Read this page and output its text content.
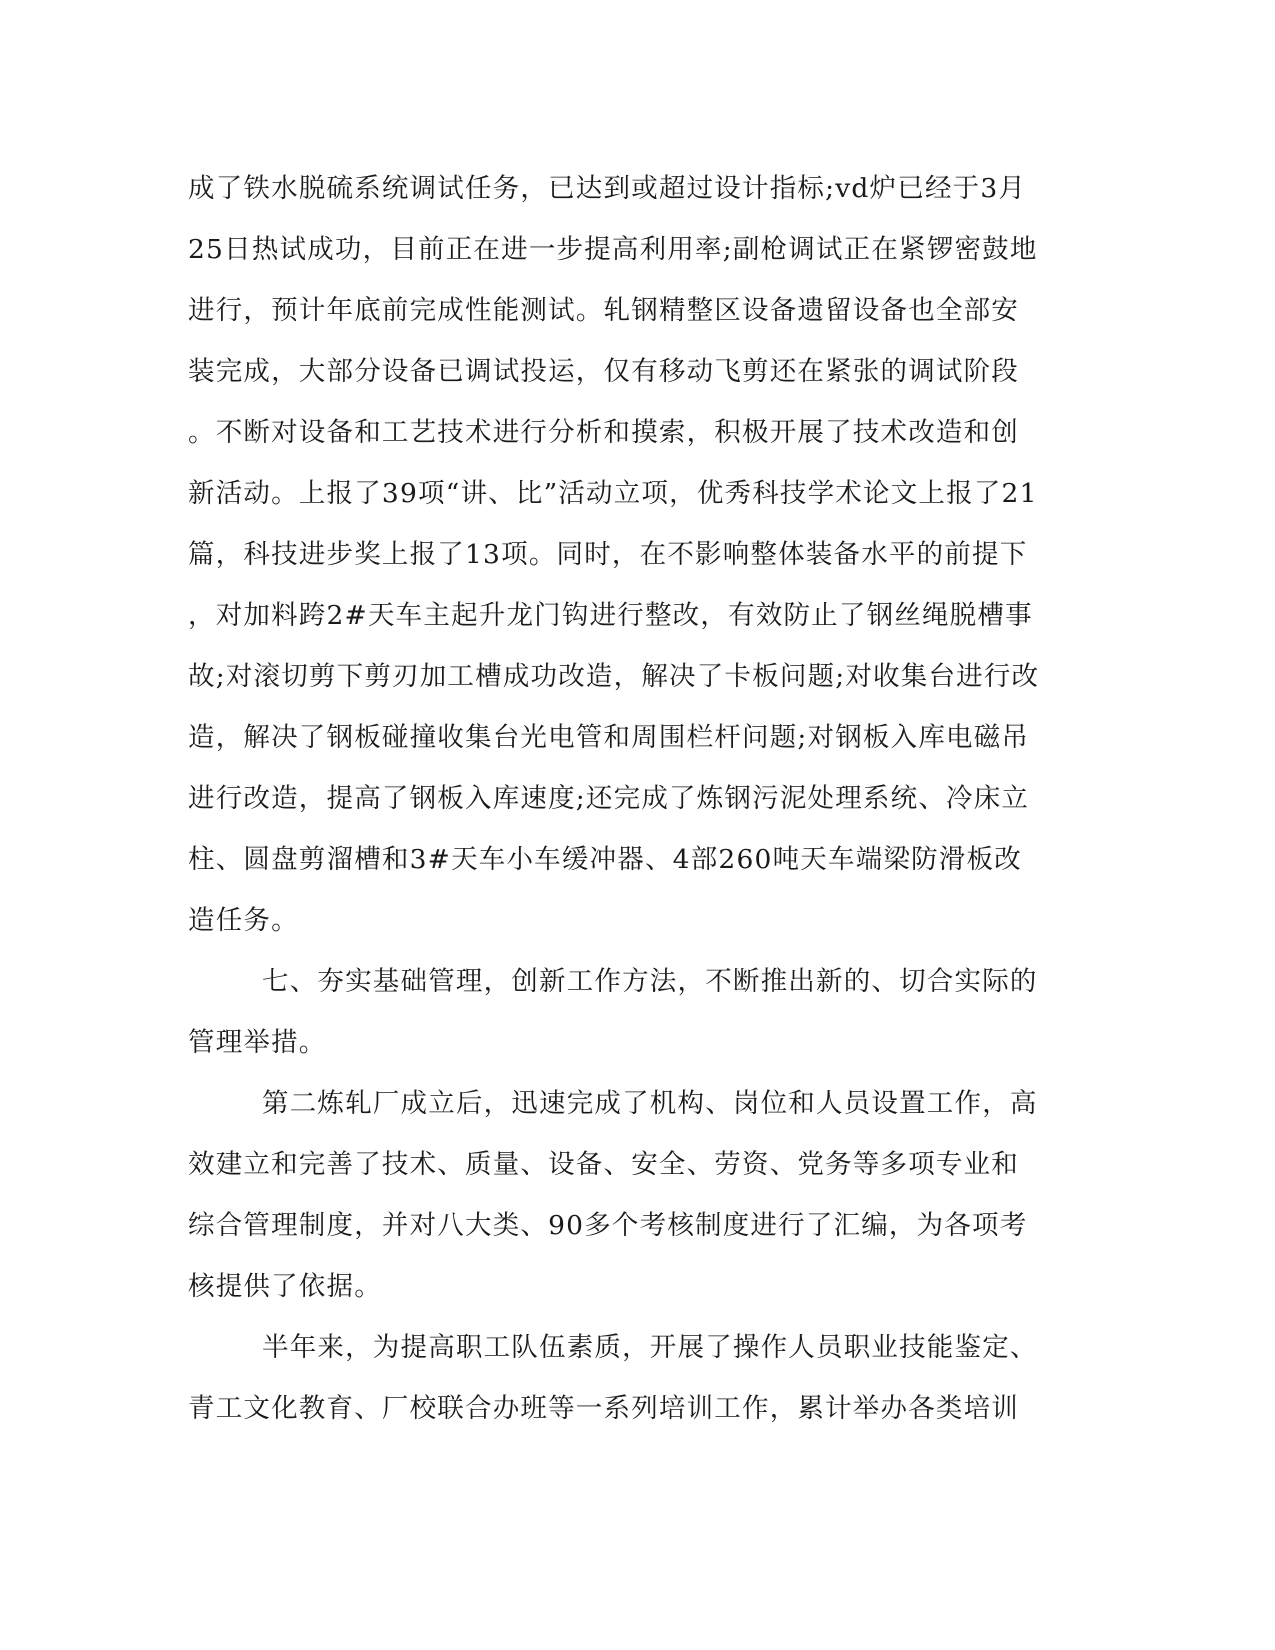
成了铁水脱硫系统调试任务，已达到或超过设计指标;vd炉已经于3月
25日热试成功，目前正在进一步提高利用率;副枪调试正在紧锣密鼓地
进行，预计年底前完成性能测试。轧钢精整区设备遗留设备也全部安
装完成，大部分设备已调试投运，仅有移动飞剪还在紧张的调试阶段
。不断对设备和工艺技术进行分析和摸索，积极开展了技术改造和创
新活动。上报了39项“讲、比”活动立项，优秀科技学术论文上报了21
篇，科技进步奖上报了13项。同时，在不影响整体装备水平的前提下
，对加料跨2#天车主起升龙门钩进行整改，有效防止了钢丝绳脱槽事
故;对滚切剪下剪刃加工槽成功改造，解决了卡板问题;对收集台进行改
造，解决了钢板碰撞收集台光电管和周围栏杆问题;对钢板入库电磁吊
进行改造，提高了钢板入库速度;还完成了炼钢污泥处理系统、冷床立
柱、圆盘剪溜槽和3#天车小车缓冲器、4部260吨天车端梁防滑板改
造任务。
七、夯实基础管理，创新工作方法，不断推出新的、切合实际的
管理举措。
第二炼轧厂成立后，迅速完成了机构、岗位和人员设置工作，高
效建立和完善了技术、质量、设备、安全、劳资、党务等多项专业和
综合管理制度，并对八大类、90多个考核制度进行了汇编，为各项考
核提供了依据。
半年来，为提高职工队伍素质，开展了操作人员职业技能鉴定、
青工文化教育、厂校联合办班等一系列培训工作，累计举办各类培训
